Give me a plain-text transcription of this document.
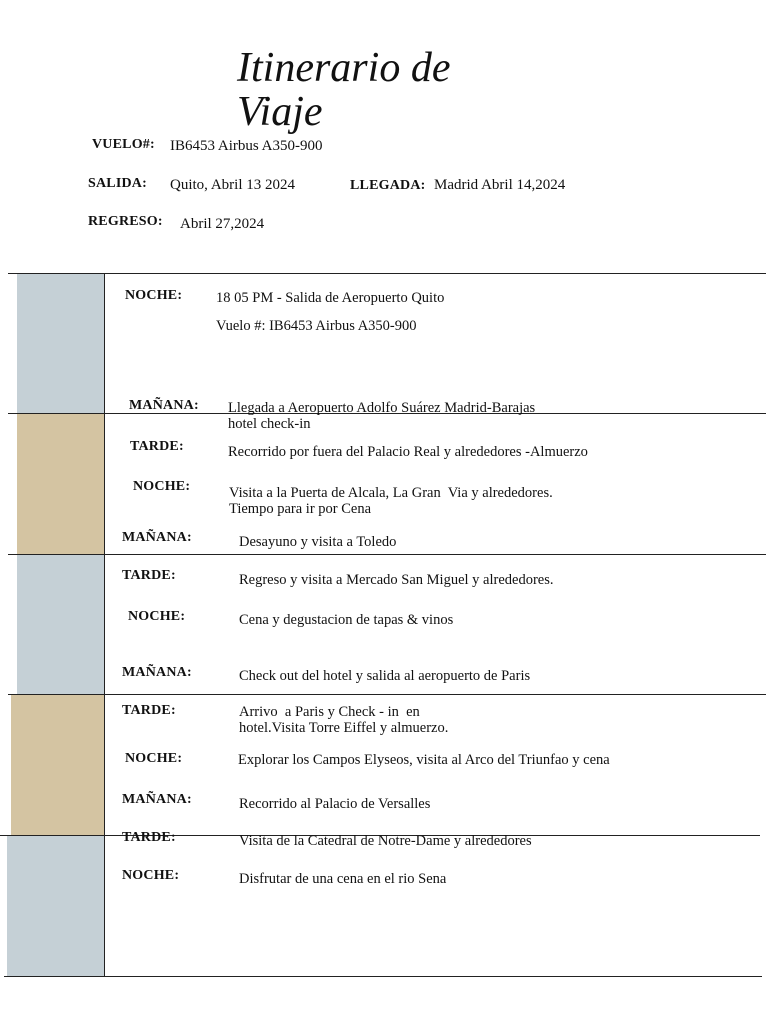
Itinerario de Viaje
VUELO#: IB6453 Airbus A350-900
SALIDA: Quito, Abril 13 2024	LLEGADA: Madrid Abril 14,2024
REGRESO: Abril 27,2024
NOCHE: 18 05 PM - Salida de Aeropuerto Quito
Vuelo #: IB6453 Airbus A350-900
MAÑANA: Llegada a Aeropuerto Adolfo Suárez Madrid-Barajas
hotel check-in
TARDE:	Recorrido por fuera del Palacio Real y alrededores -Almuerzo
NOCHE:	Visita a la Puerta de Alcala, La Gran  Via y alrededores.
Tiempo para ir por Cena
MAÑANA:	Desayuno y visita a Toledo
TARDE:	Regreso y visita a Mercado San Miguel y alrededores.
NOCHE:	Cena y degustacion de tapas & vinos
MAÑANA:	Check out del hotel y salida al aeropuerto de Paris
TARDE:	Arrivo  a Paris y Check - in  en
hotel.Visita Torre Eiffel y almuerzo.
NOCHE:	Explorar los Campos Elyseos, visita al Arco del Triunfao y cena
MAÑANA:	Recorrido al Palacio de Versalles
TARDE:	Visita de la Catedral de Notre-Dame y alrededores
NOCHE:	Disfrutar de una cena en el rio Sena
